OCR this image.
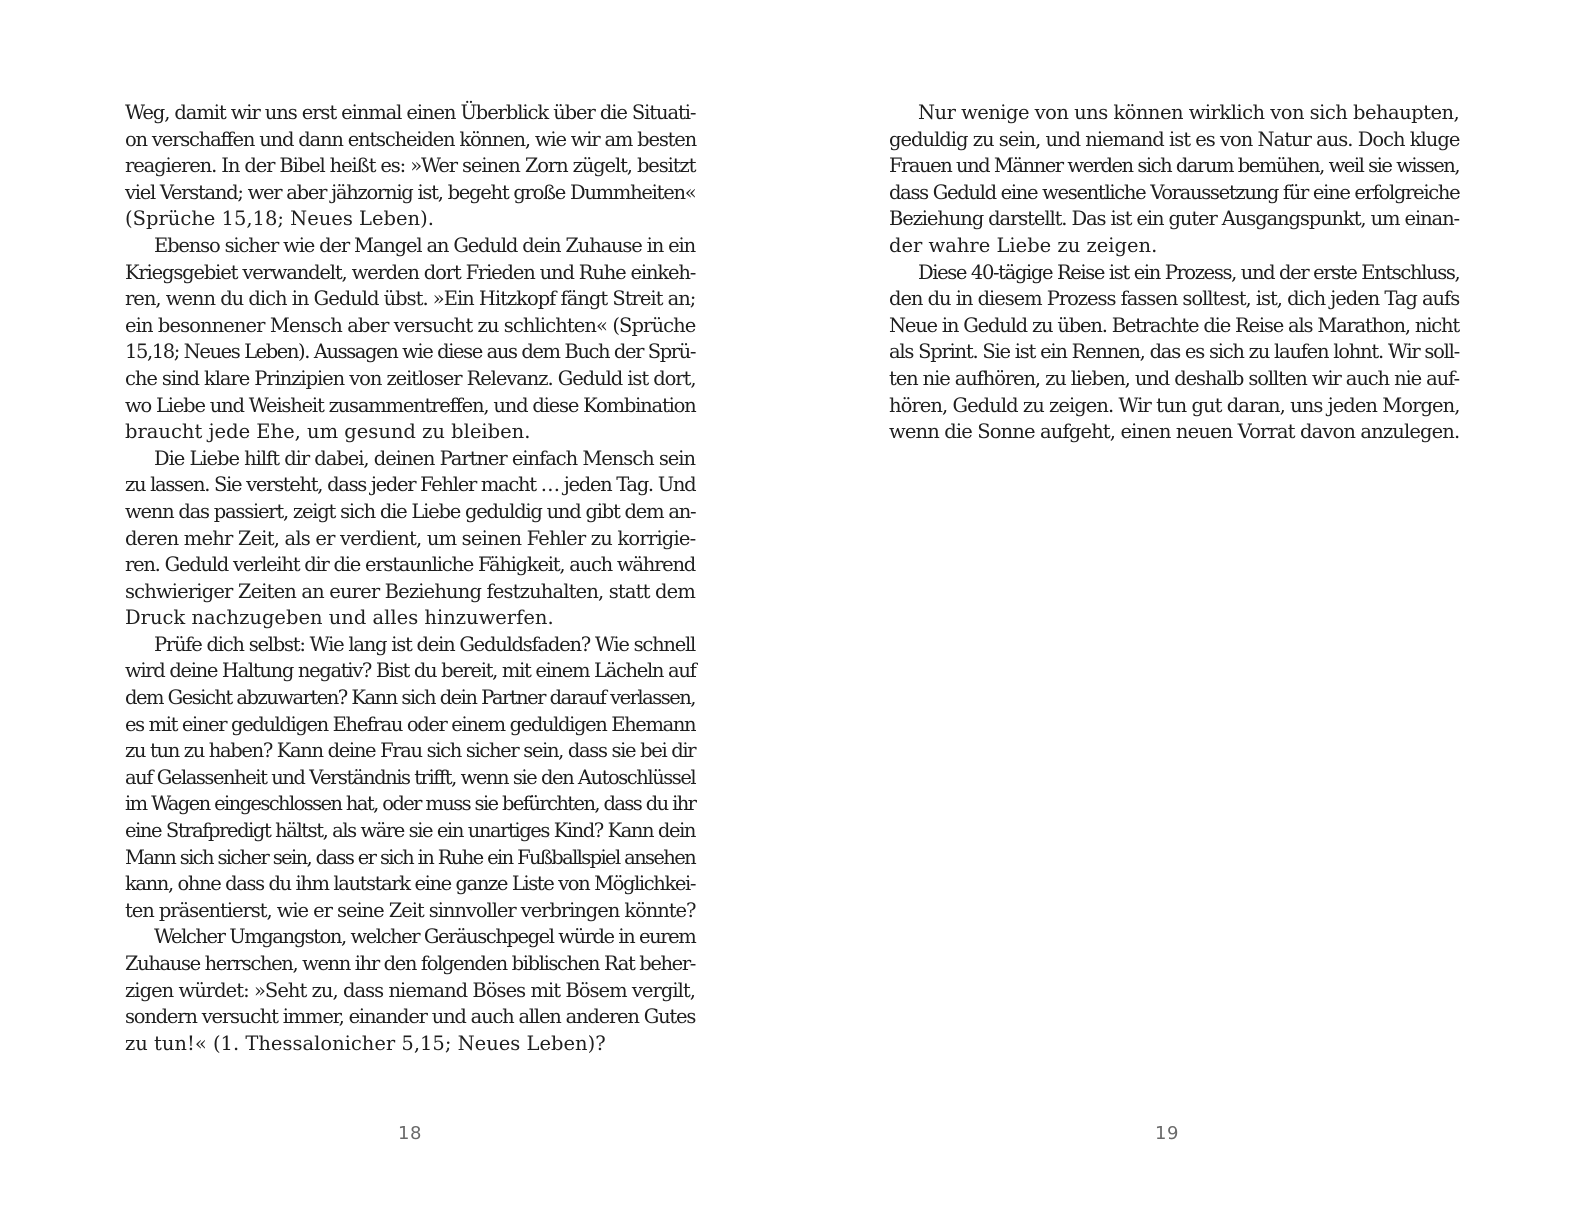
Weg, damit wir uns erst einmal einen Überblick über die Situati-
on verschaffen und dann entscheiden können, wie wir am besten
reagieren. In der Bibel heißt es: »Wer seinen Zorn zügelt, besitzt
viel Verstand; wer aber jähzornig ist, begeht große Dummheiten«
(Sprüche 15,18; Neues Leben).
Ebenso sicher wie der Mangel an Geduld dein Zuhause in ein
Kriegsgebiet verwandelt, werden dort Frieden und Ruhe einkeh-
ren, wenn du dich in Geduld übst. »Ein Hitzkopf fängt Streit an;
ein besonnener Mensch aber versucht zu schlichten« (Sprüche
15,18; Neues Leben). Aussagen wie diese aus dem Buch der Sprü-
che sind klare Prinzipien von zeitloser Relevanz. Geduld ist dort,
wo Liebe und Weisheit zusammentreffen, und diese Kombination
braucht jede Ehe, um gesund zu bleiben.
Die Liebe hilft dir dabei, deinen Partner einfach Mensch sein
zu lassen. Sie versteht, dass jeder Fehler macht … jeden Tag. Und
wenn das passiert, zeigt sich die Liebe geduldig und gibt dem an-
deren mehr Zeit, als er verdient, um seinen Fehler zu korrigie-
ren. Geduld verleiht dir die erstaunliche Fähigkeit, auch während
schwieriger Zeiten an eurer Beziehung festzuhalten, statt dem
Druck nachzugeben und alles hinzuwerfen.
Prüfe dich selbst: Wie lang ist dein Geduldsfaden? Wie schnell
wird deine Haltung negativ? Bist du bereit, mit einem Lächeln auf
dem Gesicht abzuwarten? Kann sich dein Partner darauf verlassen,
es mit einer geduldigen Ehefrau oder einem geduldigen Ehemann
zu tun zu haben? Kann deine Frau sich sicher sein, dass sie bei dir
auf Gelassenheit und Verständnis trifft, wenn sie den Autoschlüssel
im Wagen eingeschlossen hat, oder muss sie befürchten, dass du ihr
eine Strafpredigt hältst, als wäre sie ein unartiges Kind? Kann dein
Mann sich sicher sein, dass er sich in Ruhe ein Fußballspiel ansehen
kann, ohne dass du ihm lautstark eine ganze Liste von Möglichkei-
ten präsentierst, wie er seine Zeit sinnvoller verbringen könnte?
Welcher Umgangston, welcher Geräuschpegel würde in eurem
Zuhause herrschen, wenn ihr den folgenden biblischen Rat beher-
zigen würdet: »Seht zu, dass niemand Böses mit Bösem vergilt,
sondern versucht immer, einander und auch allen anderen Gutes
zu tun!« (1. Thessalonicher 5,15; Neues Leben)?
18
Nur wenige von uns können wirklich von sich behaupten,
geduldig zu sein, und niemand ist es von Natur aus. Doch kluge
Frauen und Männer werden sich darum bemühen, weil sie wissen,
dass Geduld eine wesentliche Voraussetzung für eine erfolgreiche
Beziehung darstellt. Das ist ein guter Ausgangspunkt, um einan-
der wahre Liebe zu zeigen.
Diese 40-tägige Reise ist ein Prozess, und der erste Entschluss,
den du in diesem Prozess fassen solltest, ist, dich jeden Tag aufs
Neue in Geduld zu üben. Betrachte die Reise als Marathon, nicht
als Sprint. Sie ist ein Rennen, das es sich zu laufen lohnt. Wir soll-
ten nie aufhören, zu lieben, und deshalb sollten wir auch nie auf-
hören, Geduld zu zeigen. Wir tun gut daran, uns jeden Morgen,
wenn die Sonne aufgeht, einen neuen Vorrat davon anzulegen.
19
